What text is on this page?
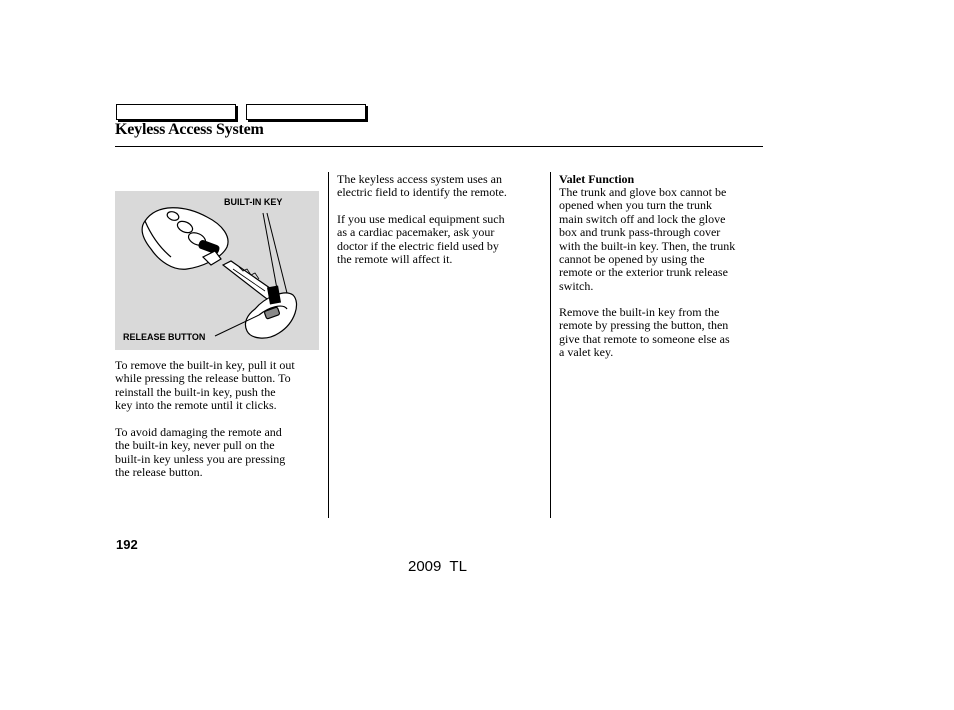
Keyless Access System
BUILT-IN KEY
RELEASE BUTTON
To remove the built-in key, pull it out
while pressing the release button. To
reinstall the built-in key, push the
key into the remote until it clicks.
To avoid damaging the remote and
the built-in key, never pull on the
built-in key unless you are pressing
the release button.
The keyless access system uses an
electric field to identify the remote.
If you use medical equipment such
as a cardiac pacemaker, ask your
doctor if the electric field used by
the remote will affect it.
Valet Function
The trunk and glove box cannot be
opened when you turn the trunk
main switch off and lock the glove
box and trunk pass-through cover
with the built-in key. Then, the trunk
cannot be opened by using the
remote or the exterior trunk release
switch.
Remove the built-in key from the
remote by pressing the button, then
give that remote to someone else as
a valet key.
192
2009  TL
